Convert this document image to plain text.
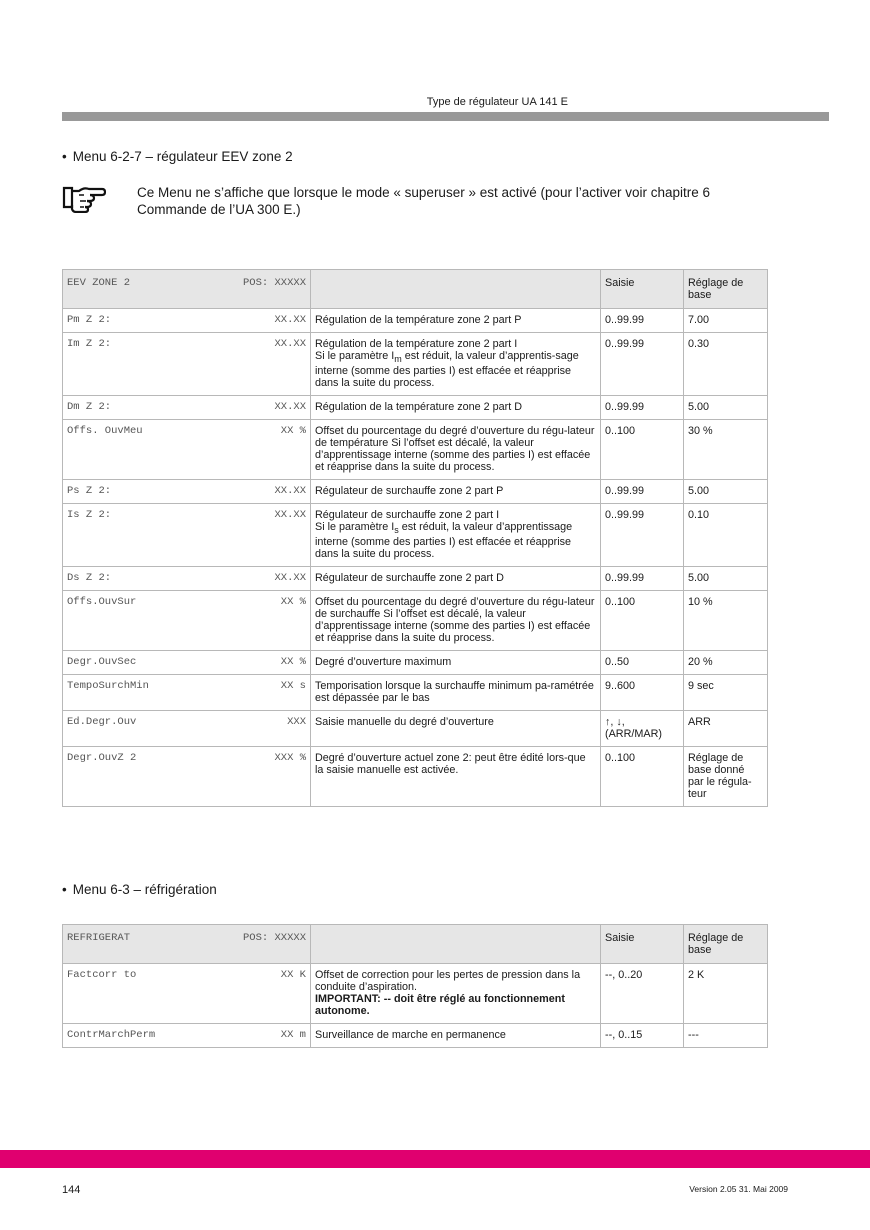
Type de régulateur UA 141 E
• Menu 6-2-7 – régulateur EEV zone 2
Ce Menu ne s’affiche que lorsque le mode « superuser » est activé (pour l’activer voir chapitre 6 Commande de l’UA 300 E.)
EEV ZONE 2 POS: XXXXX		Saisie	Réglage de base

Pm Z 2: XX.XX	Régulation de la température zone 2 part P	0..99.99	7.00

Im Z 2: XX.XX	Régulation de la température zone 2 part I
Si le paramètre $I_m$ est réduit, la valeur d’apprentis-sage interne (somme des parties I) est effacée et réapprise dans la suite du process.	0..99.99	0.30

Dm Z 2: XX.XX	Régulation de la température zone 2 part D	0..99.99	5.00

Offs. OuvMeu XX %	Offset du pourcentage du degré d’ouverture du régu-lateur de température Si l’offset est décalé, la valeur d’apprentissage interne (somme des parties I) est effacée et réapprise dans la suite du process.	0..100	30 %

Ps Z 2: XX.XX	Régulateur de surchauffe zone 2 part P	0..99.99	5.00

Is Z 2: XX.XX	Régulateur de surchauffe zone 2 part I
Si le paramètre $I_s$ est réduit, la valeur d’apprentissage interne (somme des parties I) est effacée et réapprise dans la suite du process.	0..99.99	0.10

Ds Z 2: XX.XX	Régulateur de surchauffe zone 2 part D	0..99.99	5.00

Offs.OuvSur XX %	Offset du pourcentage du degré d’ouverture du régu-lateur de surchauffe Si l’offset est décalé, la valeur d’apprentissage interne (somme des parties I) est effacée et réapprise dans la suite du process.	0..100	10 %

Degr.OuvSec XX %	Degré d’ouverture maximum	0..50	20 %

TempoSurchMin XX s	Temporisation lorsque la surchauffe minimum pa-ramétrée est dépassée par le bas	9..600	9 sec

Ed.Degr.Ouv XXX	Saisie manuelle du degré d’ouverture	↑, ↓, (ARR/MAR)	ARR

Degr.OuvZ 2 XXX %	Degré d’ouverture actuel zone 2: peut être édité lors-que la saisie manuelle est activée.	0..100	Réglage de base donné par le régula-teur
• Menu 6-3 – réfrigération
REFRIGERAT POS: XXXXX		Saisie	Réglage de base

Factcorr to XX K	Offset de correction pour les pertes de pression dans la conduite d’aspiration.
IMPORTANT: -- doit être réglé au fonctionnement autonome.	--, 0..20	2 K

ContrMarchPerm XX m	Surveillance de marche en permanence	--, 0..15	---
144	Version 2.05 31. Mai 2009
